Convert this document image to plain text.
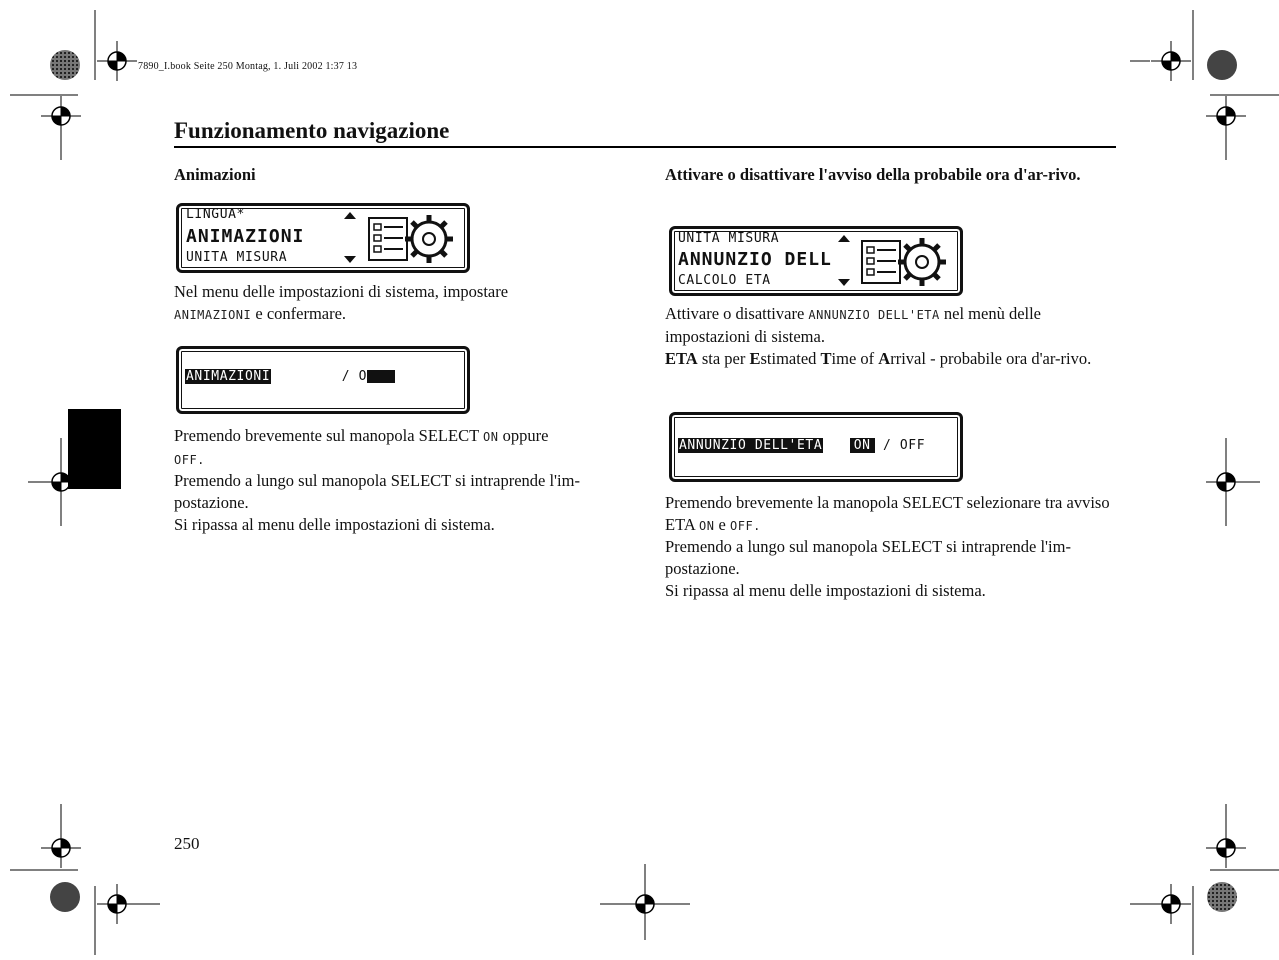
7890_I.book Seite 250 Montag, 1. Juli 2002 1:37 13
Funzionamento navigazione
Animazioni
LINGUA*
ANIMAZIONI
UNITA MISURA

Nel menu delle impostazioni di sistema, impostare
ANIMAZIONI e confermare.

ANIMAZIONI	/ O

Premendo brevemente sul manopola SELECT ON oppure
OFF.

Premendo a lungo sul manopola SELECT si intraprende l'im-postazione.

Si ripassa al menu delle impostazioni di sistema.

Attivare o disattivare l'avviso della probabile ora d'ar-rivo.
UNITA MISURA
ANNUNZIO DELL
CALCOLO ETA

Attivare o disattivare ANNUNZIO DELL'ETA nel menù delle impostazioni di sistema.

ETA sta per Estimated Time of Arrival - probabile ora d'ar-rivo.

ANNUNZIO DELL'ETA ON / OFF

Premendo brevemente la manopola SELECT selezionare tra avviso ETA ON e OFF.

Premendo a lungo sul manopola SELECT si intraprende l'im-postazione.

Si ripassa al menu delle impostazioni di sistema.

250
